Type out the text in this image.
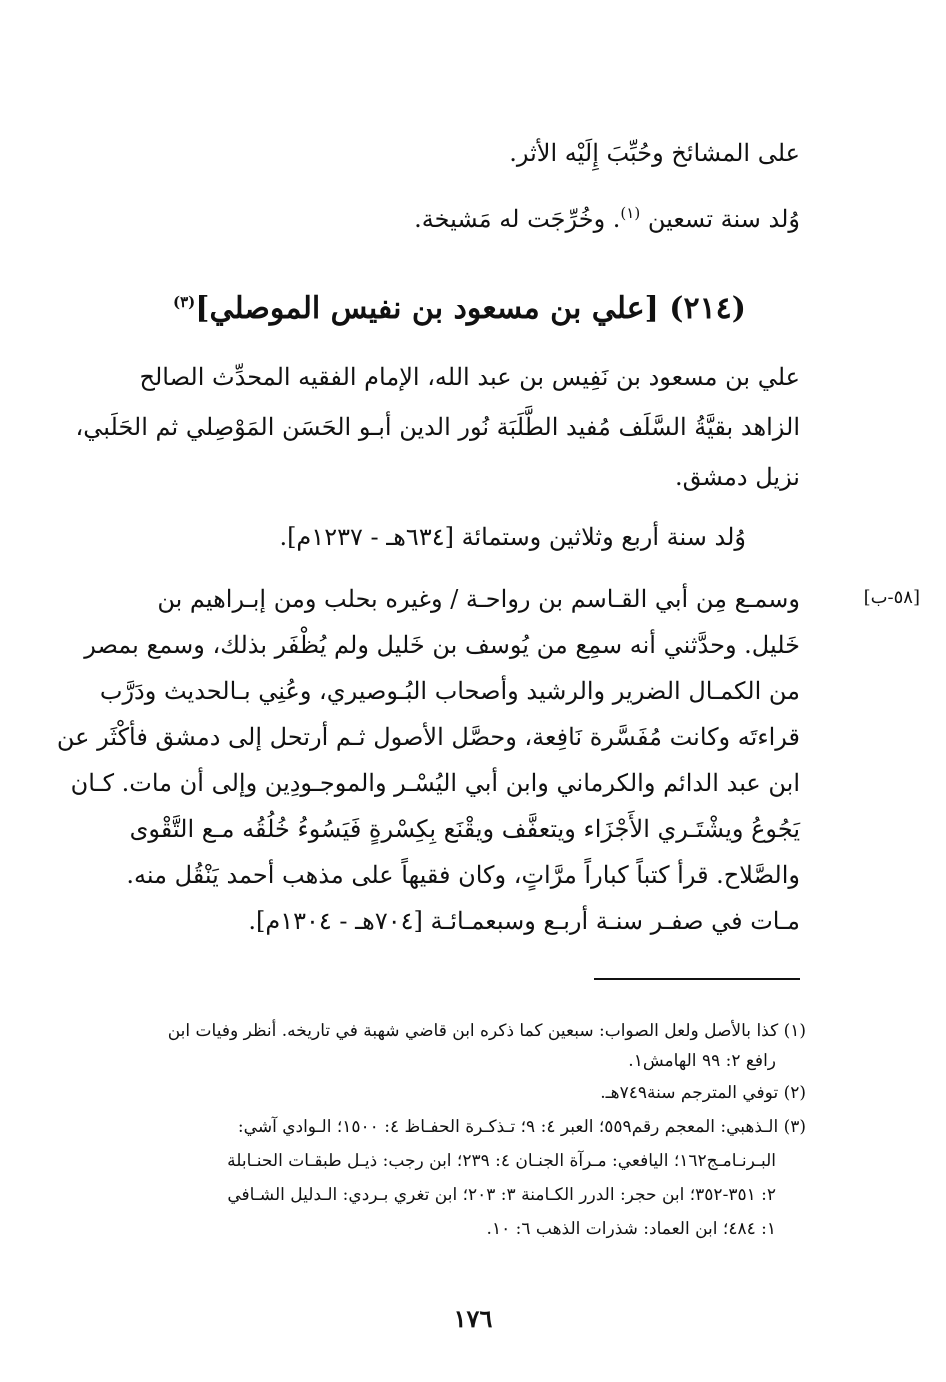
على المشائخ وحُبِّبَ إِلَيْه الأثر.
وُلد سنة تسعين $^{(١)}$. وخُرِّجَت له مَشيخة.
(٢١٤) [علي بن مسعود بن نفيس الموصلي]$^{(٣)}$
علي بن مسعود بن نَفِيس بن عبد الله، الإمام الفقيه المحدِّث الصالح
الزاهد بقيَّةُ السَّلَف مُفيد الطَّلَبَة نُور الدين أبـو الحَسَن المَوْصِلي ثم الحَلَبي،
نزيل دمشق.
وُلد سنة أربع وثلاثين وستمائة [٦٣٤هـ - ١٢٣٧م].
[٥٨-ب]
وسمـع مِن أبي القـاسم بن رواحـة / وغيره بحلب ومن إبـراهيم بن
خَليل. وحدَّثني أنه سمِع من يُوسف بن خَليل ولم يُظْفَر بذلك، وسمع بمصر
من الكمـال الضرير والرشيد وأصحاب البُـوصيري، وعُنِي بـالحديث ودَرَّب
قراءتَه وكانت مُفَسَّرة نَافِعة، وحصَّل الأصول ثـم أرتحل إلى دمشق فأكْثَر عن
ابن عبد الدائم والكرماني وابن أبي اليُسْـر والموجـودِين وإلى أن مات. كـان
يَجُوعُ ويشْتَـري الأَجْزَاء ويتعفَّف ويقْنَع بِكِسْرةٍ فَيَسُوءُ خُلُقُه مـع التَّقْوى
والصَّلاح. قرأ كتباً كباراً مرَّاتٍ، وكان فقيهاً على مذهب أحمد يَنْقُل منه.
مـات في صفـر سنـة أربـع وسبعمـائـة [٧٠٤هـ - ١٣٠٤م].
(١) كذا بالأصل ولعل الصواب: سبعين كما ذكره ابن قاضي شهبة في تاريخه. أنظر وفيات ابن
رافع ٢: ٩٩ الهامش١.
(٢) توفي المترجم سنة٧٤٩هـ.
(٣) الـذهبي: المعجم رقم٥٥٩؛ العبر ٤: ٩؛ تـذكـرة الحفـاظ ٤: ١٥٠٠؛ الـوادي آشي:
البـرنـامـج١٦٢؛ اليافعي: مـرآة الجنـان ٤: ٢٣٩؛ ابن رجب: ذيـل طبقـات الحنـابلة
٢: ٣٥١-٣٥٢؛ ابن حجر: الدرر الكـامنة ٣: ٢٠٣؛ ابن تغري بـردي: الـدليل الشـافي
١: ٤٨٤؛ ابن العماد: شذرات الذهب ٦: ١٠.
١٧٦
